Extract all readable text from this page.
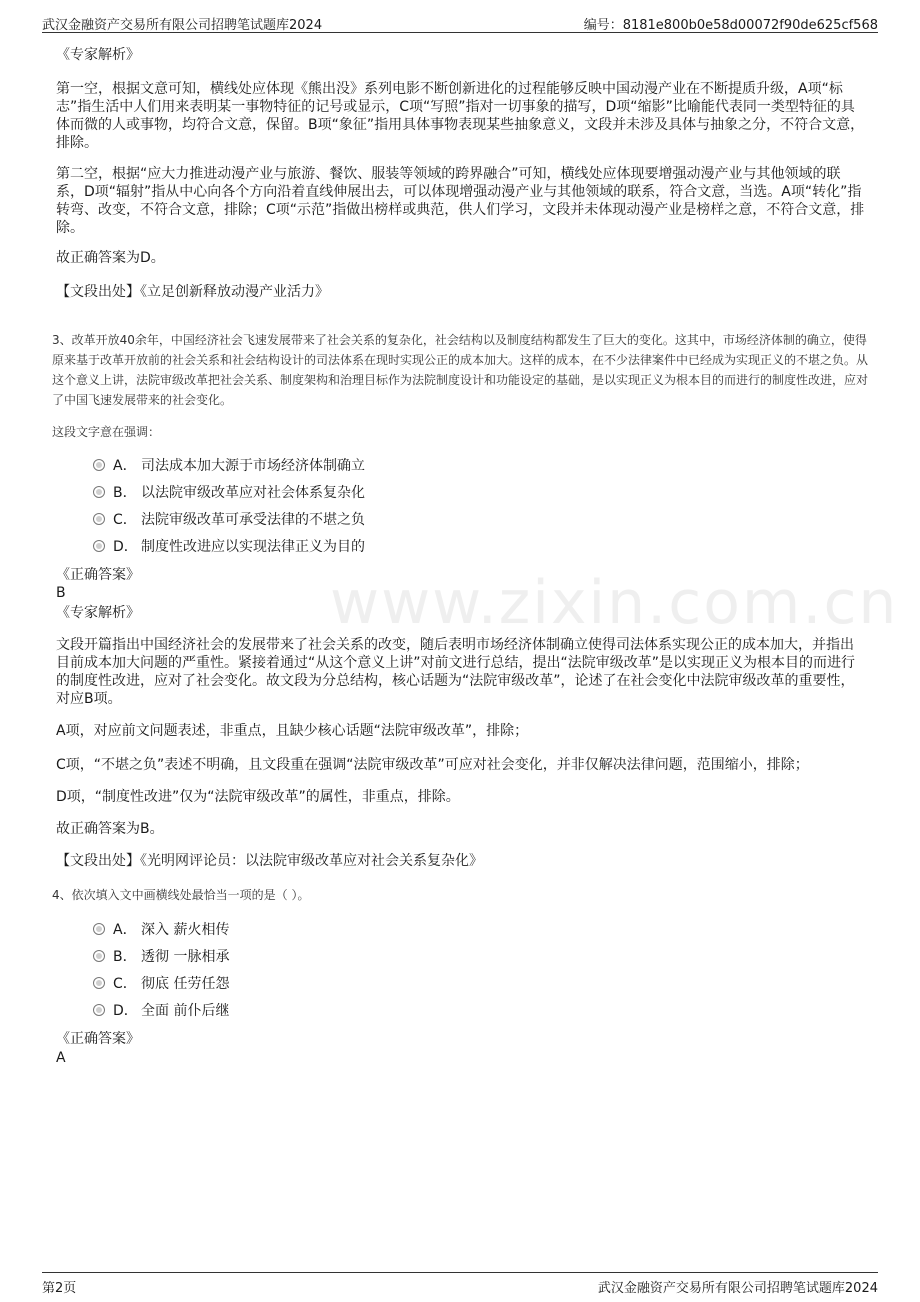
武汉金融资产交易所有限公司招聘笔试题库2024	编号：8181e800b0e58d00072f90de625cf568
www.zixin.com.cn
《专家解析》
第一空，根据文意可知，横线处应体现《熊出没》系列电影不断创新进化的过程能够反映中国动漫产业在不断提质升级，A项“标志”指生活中人们用来表明某一事物特征的记号或显示，C项“写照”指对一切事象的描写，D项“缩影”比喻能代表同一类型特征的具体而微的人或事物，均符合文意，保留。B项“象征”指用具体事物表现某些抽象意义，文段并未涉及具体与抽象之分，不符合文意，排除。
第二空，根据“应大力推进动漫产业与旅游、餐饮、服装等领域的跨界融合”可知，横线处应体现要增强动漫产业与其他领域的联系，D项“辐射”指从中心向各个方向沿着直线伸展出去，可以体现增强动漫产业与其他领域的联系，符合文意，当选。A项“转化”指转弯、改变，不符合文意，排除；C项“示范”指做出榜样或典范，供人们学习，文段并未体现动漫产业是榜样之意，不符合文意，排除。
故正确答案为D。
【文段出处】《立足创新释放动漫产业活力》
3、改革开放40余年，中国经济社会飞速发展带来了社会关系的复杂化，社会结构以及制度结构都发生了巨大的变化。这其中，市场经济体制的确立，使得原来基于改革开放前的社会关系和社会结构设计的司法体系在现时实现公正的成本加大。这样的成本，在不少法律案件中已经成为实现正义的不堪之负。从这个意义上讲，法院审级改革把社会关系、制度架构和治理目标作为法院制度设计和功能设定的基础，是以实现正义为根本目的而进行的制度性改进，应对了中国飞速发展带来的社会变化。
这段文字意在强调：
A． 司法成本加大源于市场经济体制确立
B． 以法院审级改革应对社会体系复杂化
C． 法院审级改革可承受法律的不堪之负
D． 制度性改进应以实现法律正义为目的
《正确答案》
B
《专家解析》
文段开篇指出中国经济社会的发展带来了社会关系的改变，随后表明市场经济体制确立使得司法体系实现公正的成本加大，并指出目前成本加大问题的严重性。紧接着通过“从这个意义上讲”对前文进行总结，提出“法院审级改革”是以实现正义为根本目的而进行的制度性改进，应对了社会变化。故文段为分总结构，核心话题为“法院审级改革”，论述了在社会变化中法院审级改革的重要性，对应B项。
A项，对应前文问题表述，非重点，且缺少核心话题“法院审级改革”，排除；
C项，“不堪之负”表述不明确，且文段重在强调“法院审级改革”可应对社会变化，并非仅解决法律问题，范围缩小，排除；
D项，“制度性改进”仅为“法院审级改革”的属性，非重点，排除。
故正确答案为B。
【文段出处】《光明网评论员：以法院审级改革应对社会关系复杂化》
4、依次填入文中画横线处最恰当一项的是（ ）。
A． 深入 薪火相传
B． 透彻 一脉相承
C． 彻底 任劳任怨
D． 全面 前仆后继
《正确答案》
A
第2页	武汉金融资产交易所有限公司招聘笔试题库2024
